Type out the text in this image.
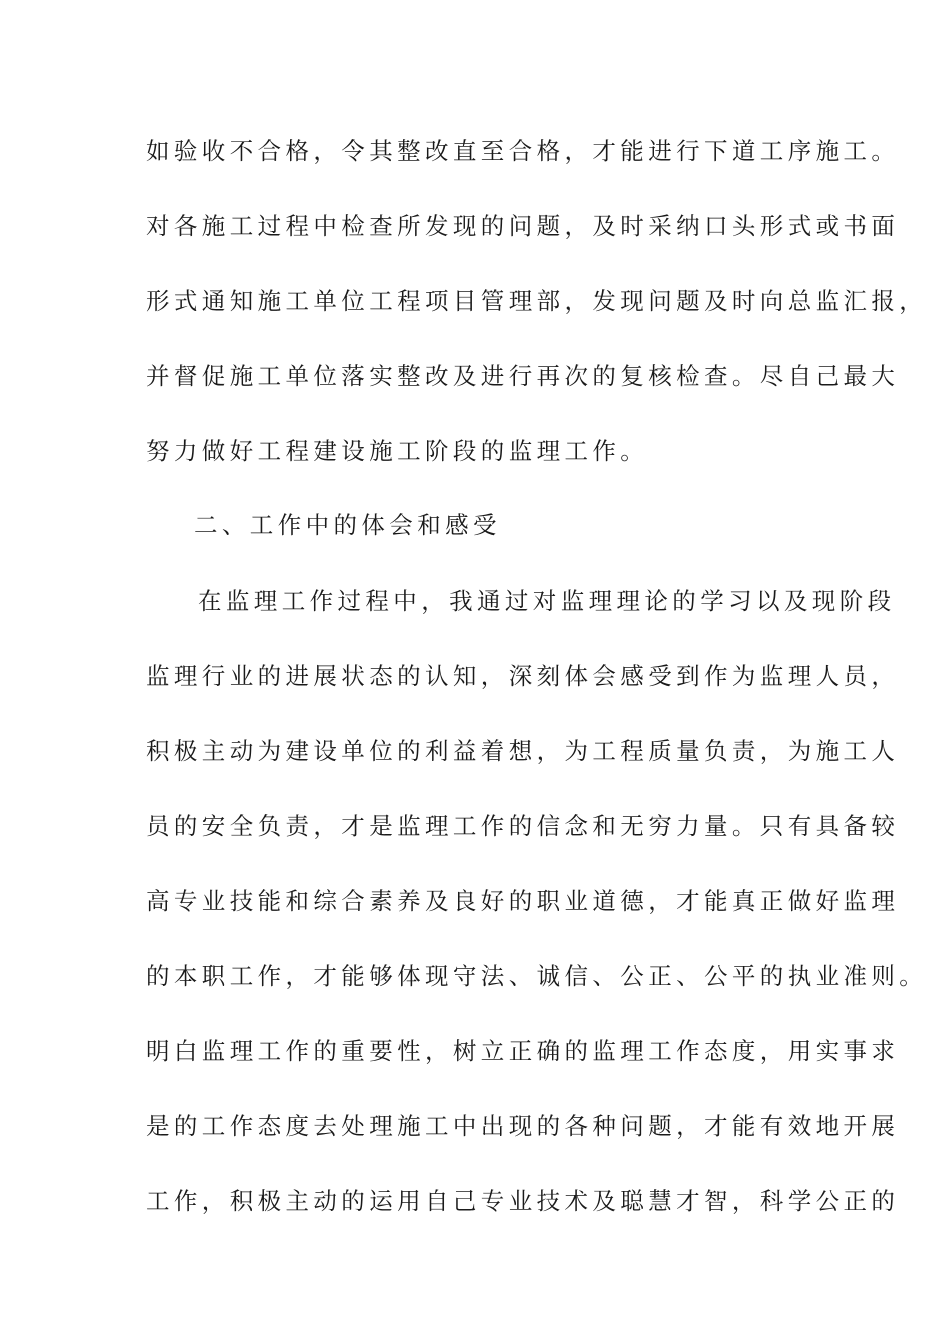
如验收不合格，令其整改直至合格，才能进行下道工序施工。
对各施工过程中检查所发现的问题，及时采纳口头形式或书面
形式通知施工单位工程项目管理部，发现问题及时向总监汇报，
并督促施工单位落实整改及进行再次的复核检查。尽自己最大
努力做好工程建设施工阶段的监理工作。
二、工作中的体会和感受
在监理工作过程中，我通过对监理理论的学习以及现阶段
监理行业的进展状态的认知，深刻体会感受到作为监理人员，
积极主动为建设单位的利益着想，为工程质量负责，为施工人
员的安全负责，才是监理工作的信念和无穷力量。只有具备较
高专业技能和综合素养及良好的职业道德，才能真正做好监理
的本职工作，才能够体现守法、诚信、公正、公平的执业准则。
明白监理工作的重要性，树立正确的监理工作态度，用实事求
是的工作态度去处理施工中出现的各种问题，才能有效地开展
工作，积极主动的运用自己专业技术及聪慧才智，科学公正的
